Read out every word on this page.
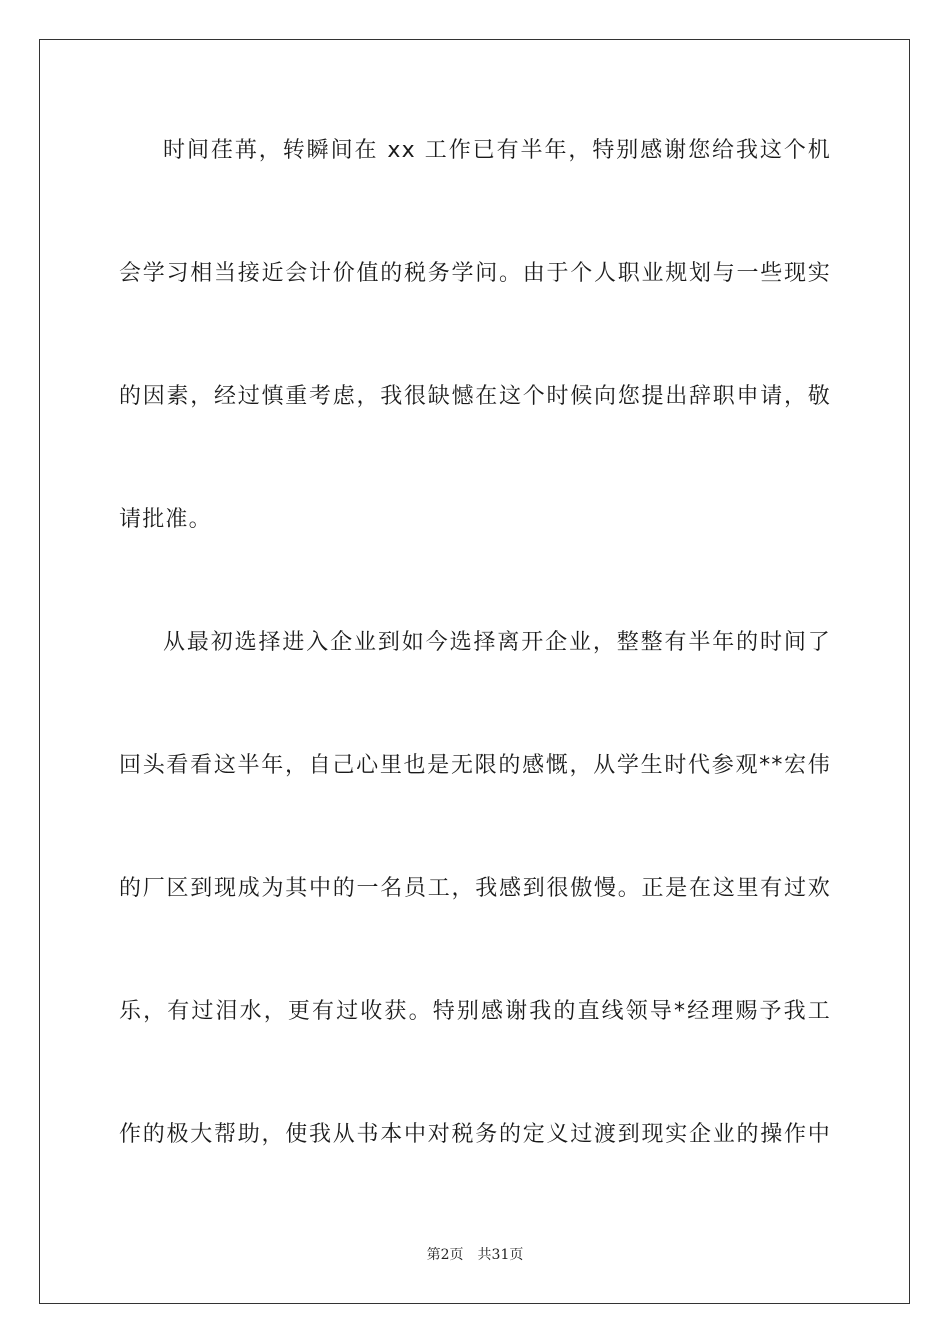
时间荏苒，转瞬间在 xx 工作已有半年，特别感谢您给我这个机
会学习相当接近会计价值的税务学问。由于个人职业规划与一些现实
的因素，经过慎重考虑，我很缺憾在这个时候向您提出辞职申请，敬
请批准。
从最初选择进入企业到如今选择离开企业，整整有半年的时间了
回头看看这半年，自己心里也是无限的感慨，从学生时代参观**宏伟
的厂区到现成为其中的一名员工，我感到很傲慢。正是在这里有过欢
乐，有过泪水，更有过收获。特别感谢我的直线领导*经理赐予我工
作的极大帮助，使我从书本中对税务的定义过渡到现实企业的操作中
第2页 共31页
